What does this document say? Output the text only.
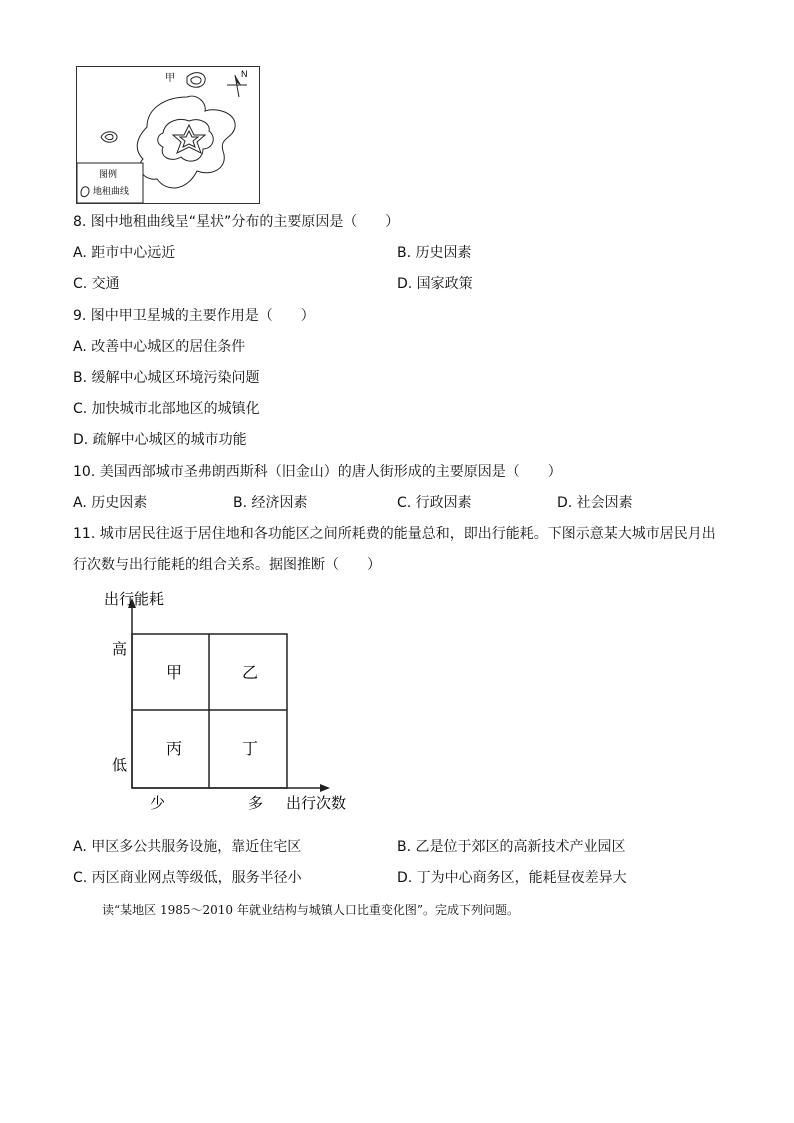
N
甲
图例
地租曲线
8. 图中地租曲线呈“星状”分布的主要原因是（　　）
A. 距市中心远近	B. 历史因素
C. 交通	D. 国家政策
9. 图中甲卫星城的主要作用是（　　）
A. 改善中心城区的居住条件
B. 缓解中心城区环境污染问题
C. 加快城市北部地区的城镇化
D. 疏解中心城区的城市功能
10. 美国西部城市圣弗朗西斯科（旧金山）的唐人街形成的主要原因是（　　）
A. 历史因素	B. 经济因素	C. 行政因素	D. 社会因素
11. 城市居民往返于居住地和各功能区之间所耗费的能量总和，即出行能耗。下图示意某大城市居民月出
行次数与出行能耗的组合关系。据图推断（　　）
出行能耗
高
低
少	多 出行次数
甲	乙
丙	丁
A. 甲区多公共服务设施，靠近住宅区	B. 乙是位于郊区的高新技术产业园区
C. 丙区商业网点等级低，服务半径小	D. 丁为中心商务区，能耗昼夜差异大
读“某地区 1985～2010 年就业结构与城镇人口比重变化图”。完成下列问题。
